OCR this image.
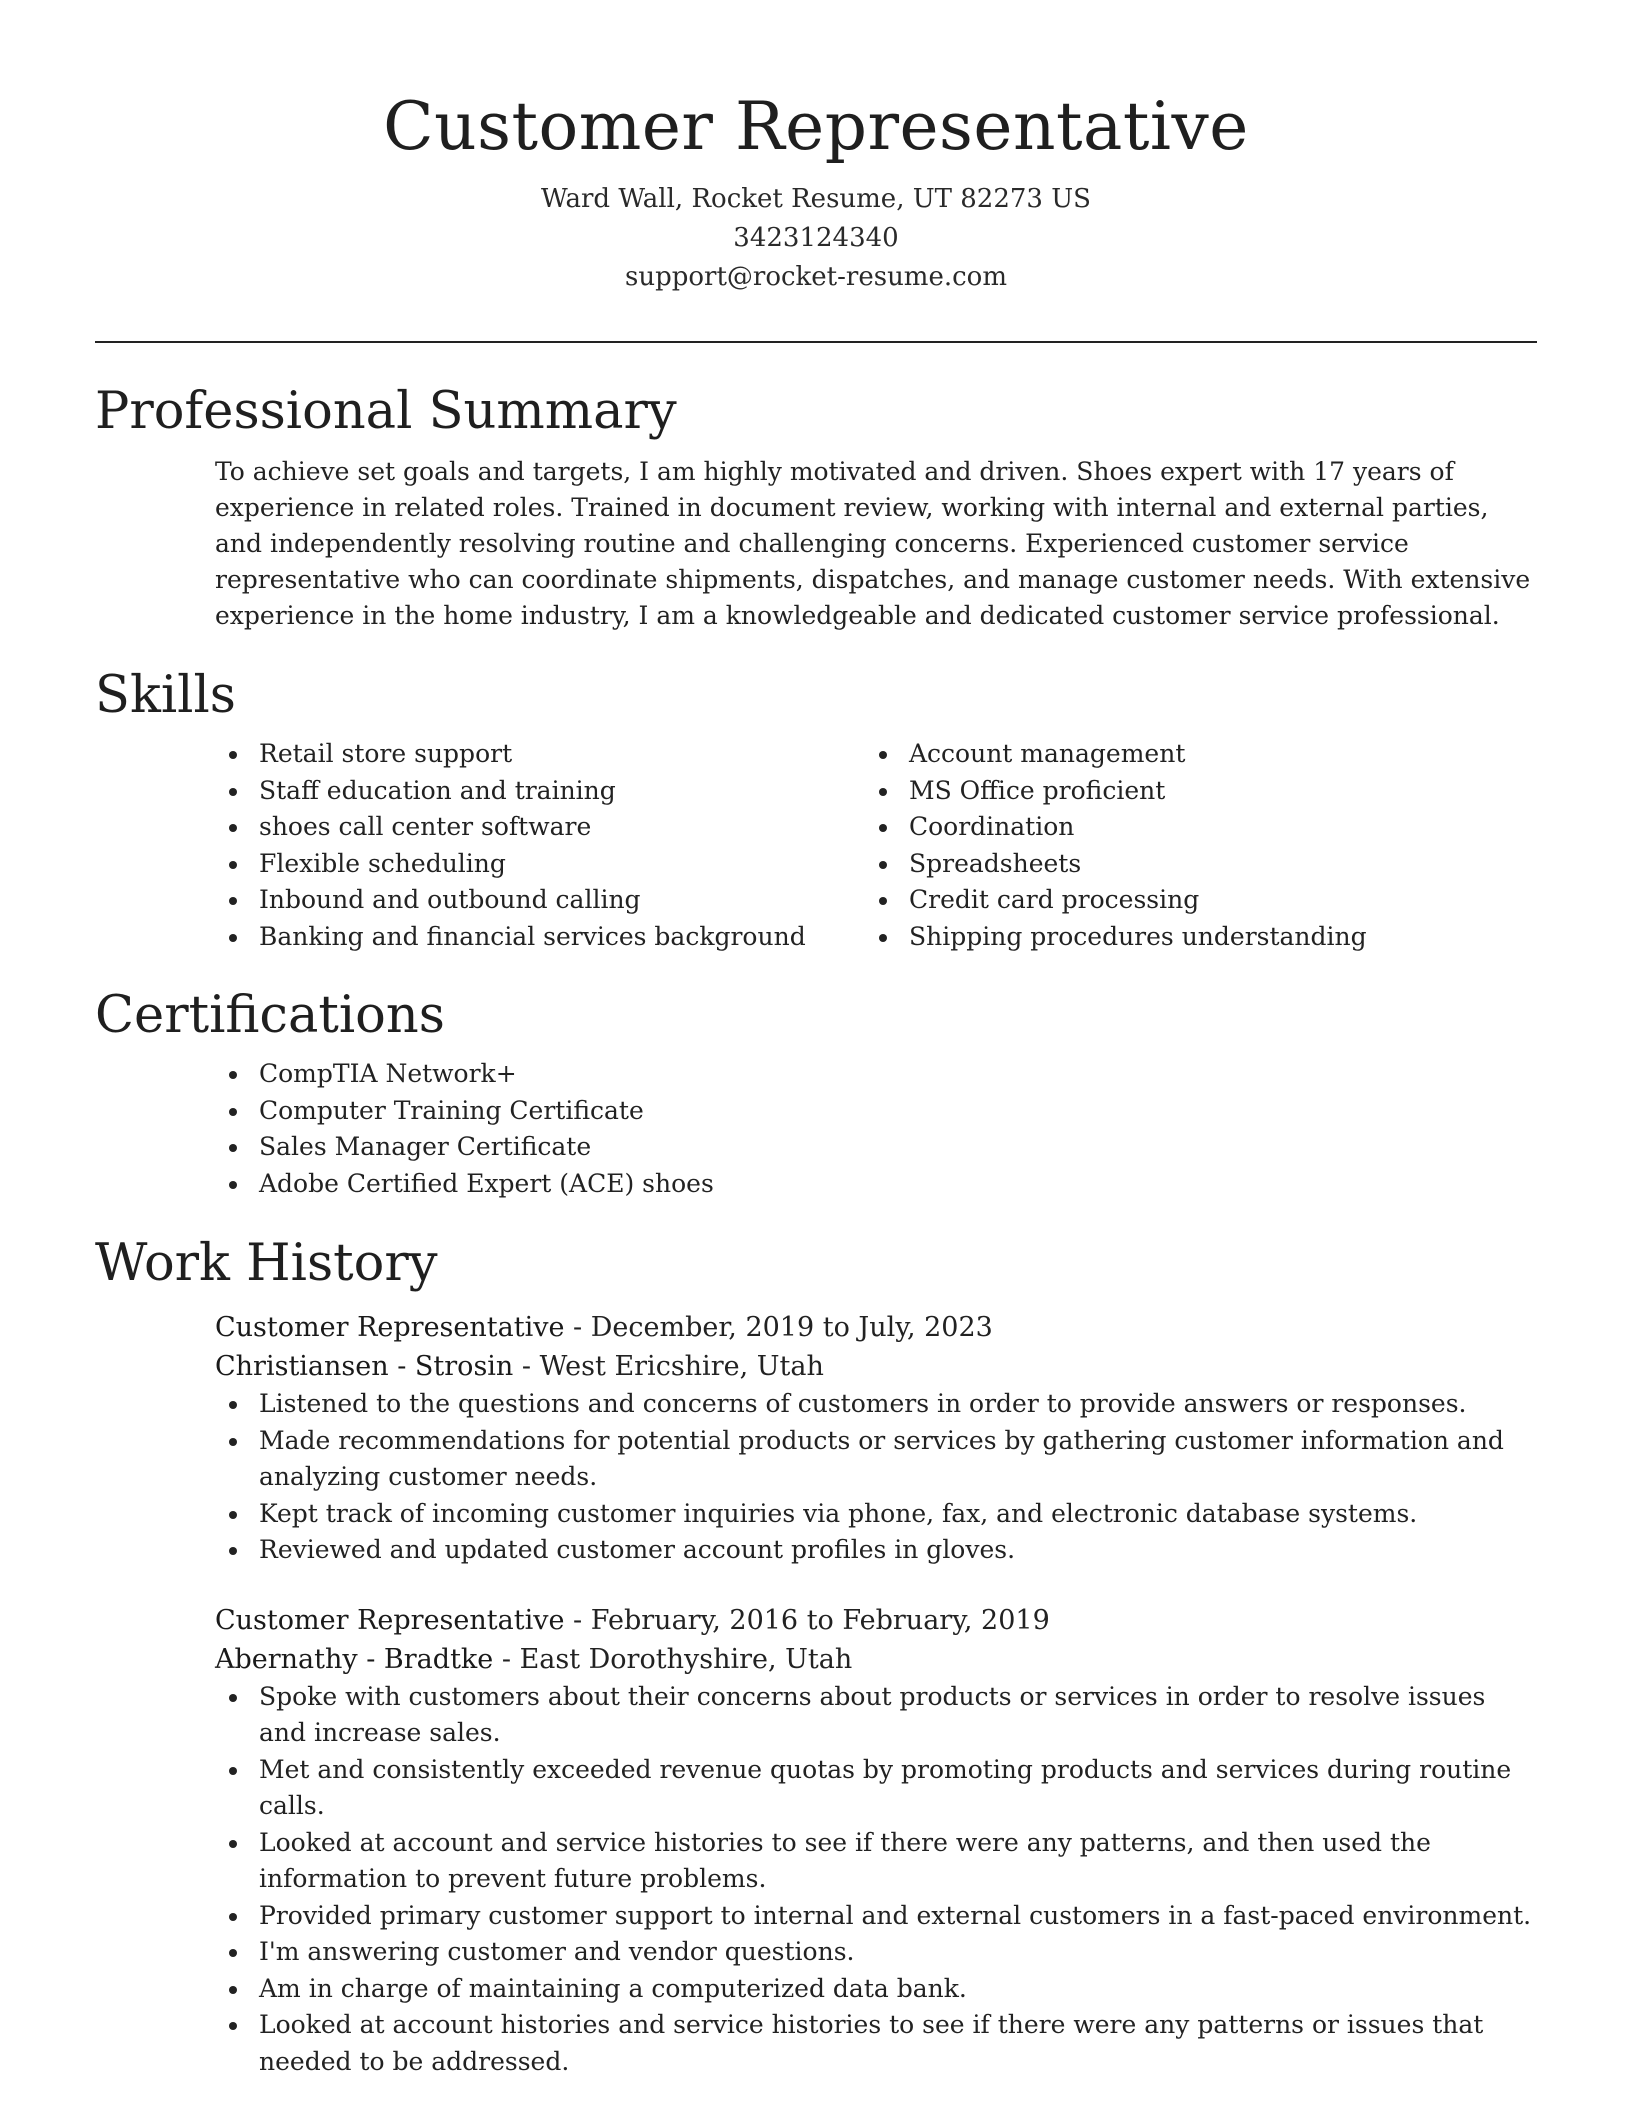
Customer Representative
Ward Wall, Rocket Resume, UT 82273 US
3423124340
support@rocket-resume.com
Professional Summary

To achieve set goals and targets, I am highly motivated and driven. Shoes expert with 17 years of experience in related roles. Trained in document review, working with internal and external parties, and independently resolving routine and challenging concerns. Experienced customer service representative who can coordinate shipments, dispatches, and manage customer needs. With extensive experience in the home industry, I am a knowledgeable and dedicated customer service professional.

Skills
Retail store support
Staff education and training
shoes call center software
Flexible scheduling
Inbound and outbound calling
Banking and financial services background
Account management
MS Office proficient
Coordination
Spreadsheets
Credit card processing
Shipping procedures understanding
Certifications
CompTIA Network+
Computer Training Certificate
Sales Manager Certificate
Adobe Certified Expert (ACE) shoes
Work History
Customer Representative - December, 2019 to July, 2023
Christiansen - Strosin - West Ericshire, Utah
Listened to the questions and concerns of customers in order to provide answers or responses.
Made recommendations for potential products or services by gathering customer information and analyzing customer needs.
Kept track of incoming customer inquiries via phone, fax, and electronic database systems.
Reviewed and updated customer account profiles in gloves.
Customer Representative - February, 2016 to February, 2019
Abernathy - Bradtke - East Dorothyshire, Utah
Spoke with customers about their concerns about products or services in order to resolve issues and increase sales.
Met and consistently exceeded revenue quotas by promoting products and services during routine calls.
Looked at account and service histories to see if there were any patterns, and then used the information to prevent future problems.
Provided primary customer support to internal and external customers in a fast-paced environment.
I'm answering customer and vendor questions.
Am in charge of maintaining a computerized data bank.
Looked at account histories and service histories to see if there were any patterns or issues that needed to be addressed.
